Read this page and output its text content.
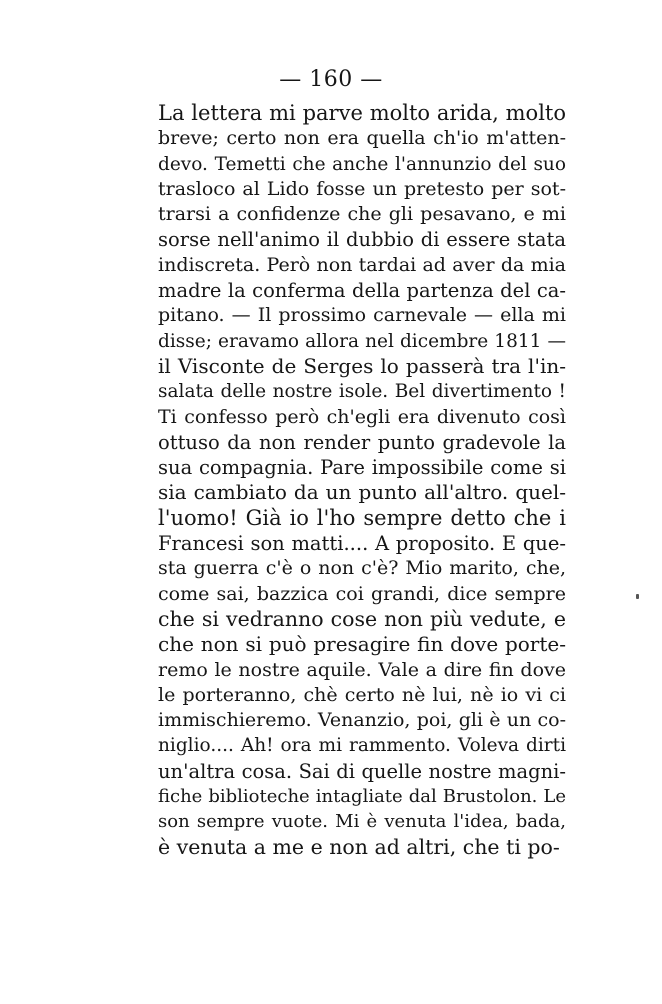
— 160 —
La lettera mi parve molto arida, molto
breve; certo non era quella ch'io m'atten-
devo. Temetti che anche l'annunzio del suo
trasloco al Lido fosse un pretesto per sot-
trarsi a confidenze che gli pesavano, e mi
sorse nell'animo il dubbio di essere stata
indiscreta. Però non tardai ad aver da mia
madre la conferma della partenza del ca-
pitano. — Il prossimo carnevale — ella mi
disse; eravamo allora nel dicembre 1811 —
il Visconte de Serges lo passerà tra l'in-
salata delle nostre isole. Bel divertimento !
Ti confesso però ch'egli era divenuto così
ottuso da non render punto gradevole la
sua compagnia. Pare impossibile come si
sia cambiato da un punto all'altro. quel-
l'uomo! Già io l'ho sempre detto che i
Francesi son matti.... A proposito. E que-
sta guerra c'è o non c'è? Mio marito, che,
come sai, bazzica coi grandi, dice sempre
che si vedranno cose non più vedute, e
che non si può presagire fin dove porte-
remo le nostre aquile. Vale a dire fin dove
le porteranno, chè certo nè lui, nè io vi ci
immischieremo. Venanzio, poi, gli è un co-
niglio.... Ah! ora mi rammento. Voleva dirti
un'altra cosa. Sai di quelle nostre magni-
fiche biblioteche intagliate dal Brustolon. Le
son sempre vuote. Mi è venuta l'idea, bada,
è venuta a me e non ad altri, che ti po-
